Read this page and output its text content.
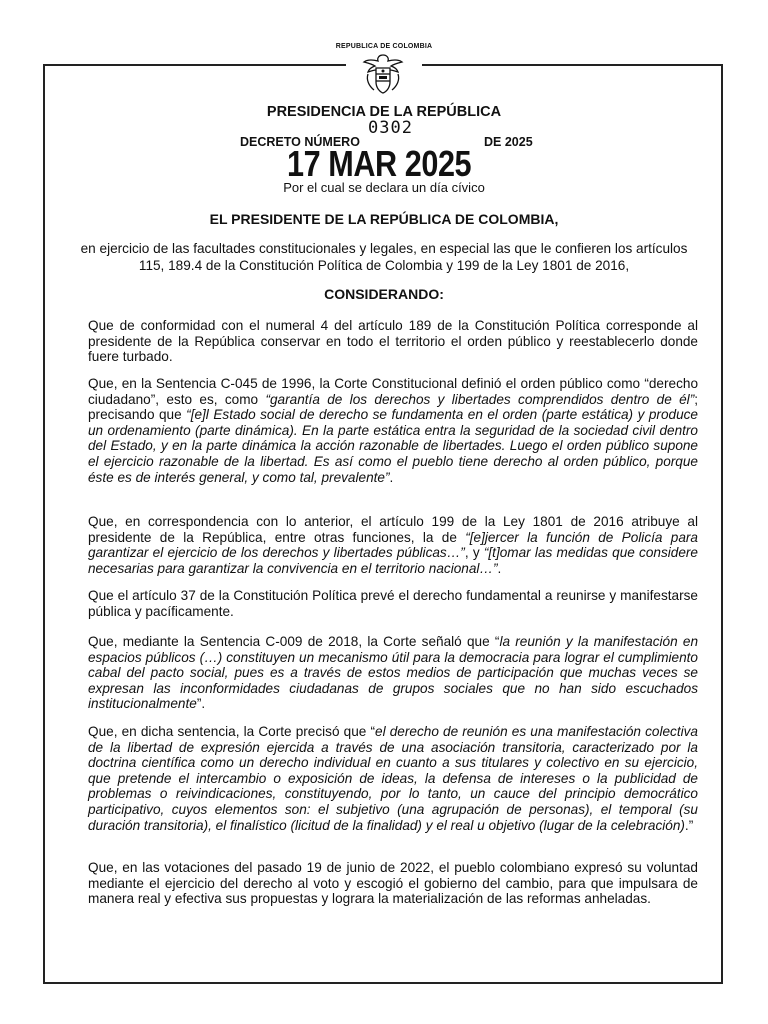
REPUBLICA DE COLOMBIA
PRESIDENCIA DE LA REPÚBLICA
DECRETO NÚMERO
0302
DE 2025
17 MAR 2025
Por el cual se declara un día cívico
EL PRESIDENTE DE LA REPÚBLICA DE COLOMBIA,
en ejercicio de las facultades constitucionales y legales, en especial las que le confieren los artículos 115, 189.4 de la Constitución Política de Colombia y 199 de la Ley 1801 de 2016,
CONSIDERANDO:
Que de conformidad con el numeral 4 del artículo 189 de la Constitución Política corresponde al presidente de la República conservar en todo el territorio el orden público y reestablecerlo donde fuere turbado.
Que, en la Sentencia C-045 de 1996, la Corte Constitucional definió el orden público como “derecho ciudadano”, esto es, como “garantía de los derechos y libertades comprendidos dentro de él”; precisando que “[e]l Estado social de derecho se fundamenta en el orden (parte estática) y produce un ordenamiento (parte dinámica). En la parte estática entra la seguridad de la sociedad civil dentro del Estado, y en la parte dinámica la acción razonable de libertades. Luego el orden público supone el ejercicio razonable de la libertad. Es así como el pueblo tiene derecho al orden público, porque éste es de interés general, y como tal, prevalente”.
Que, en correspondencia con lo anterior, el artículo 199 de la Ley 1801 de 2016 atribuye al presidente de la República, entre otras funciones, la de “[e]jercer la función de Policía para garantizar el ejercicio de los derechos y libertades públicas…”, y “[t]omar las medidas que considere necesarias para garantizar la convivencia en el territorio nacional…”.
Que el artículo 37 de la Constitución Política prevé el derecho fundamental a reunirse y manifestarse pública y pacíficamente.
Que, mediante la Sentencia C-009 de 2018, la Corte señaló que “la reunión y la manifestación en espacios públicos (…) constituyen un mecanismo útil para la democracia para lograr el cumplimiento cabal del pacto social, pues es a través de estos medios de participación que muchas veces se expresan las inconformidades ciudadanas de grupos sociales que no han sido escuchados institucionalmente”.
Que, en dicha sentencia, la Corte precisó que “el derecho de reunión es una manifestación colectiva de la libertad de expresión ejercida a través de una asociación transitoria, caracterizado por la doctrina científica como un derecho individual en cuanto a sus titulares y colectivo en su ejercicio, que pretende el intercambio o exposición de ideas, la defensa de intereses o la publicidad de problemas o reivindicaciones, constituyendo, por lo tanto, un cauce del principio democrático participativo, cuyos elementos son: el subjetivo (una agrupación de personas), el temporal (su duración transitoria), el finalístico (licitud de la finalidad) y el real u objetivo (lugar de la celebración).”
Que, en las votaciones del pasado 19 de junio de 2022, el pueblo colombiano expresó su voluntad mediante el ejercicio del derecho al voto y escogió el gobierno del cambio, para que impulsara de manera real y efectiva sus propuestas y lograra la materialización de las reformas anheladas.
